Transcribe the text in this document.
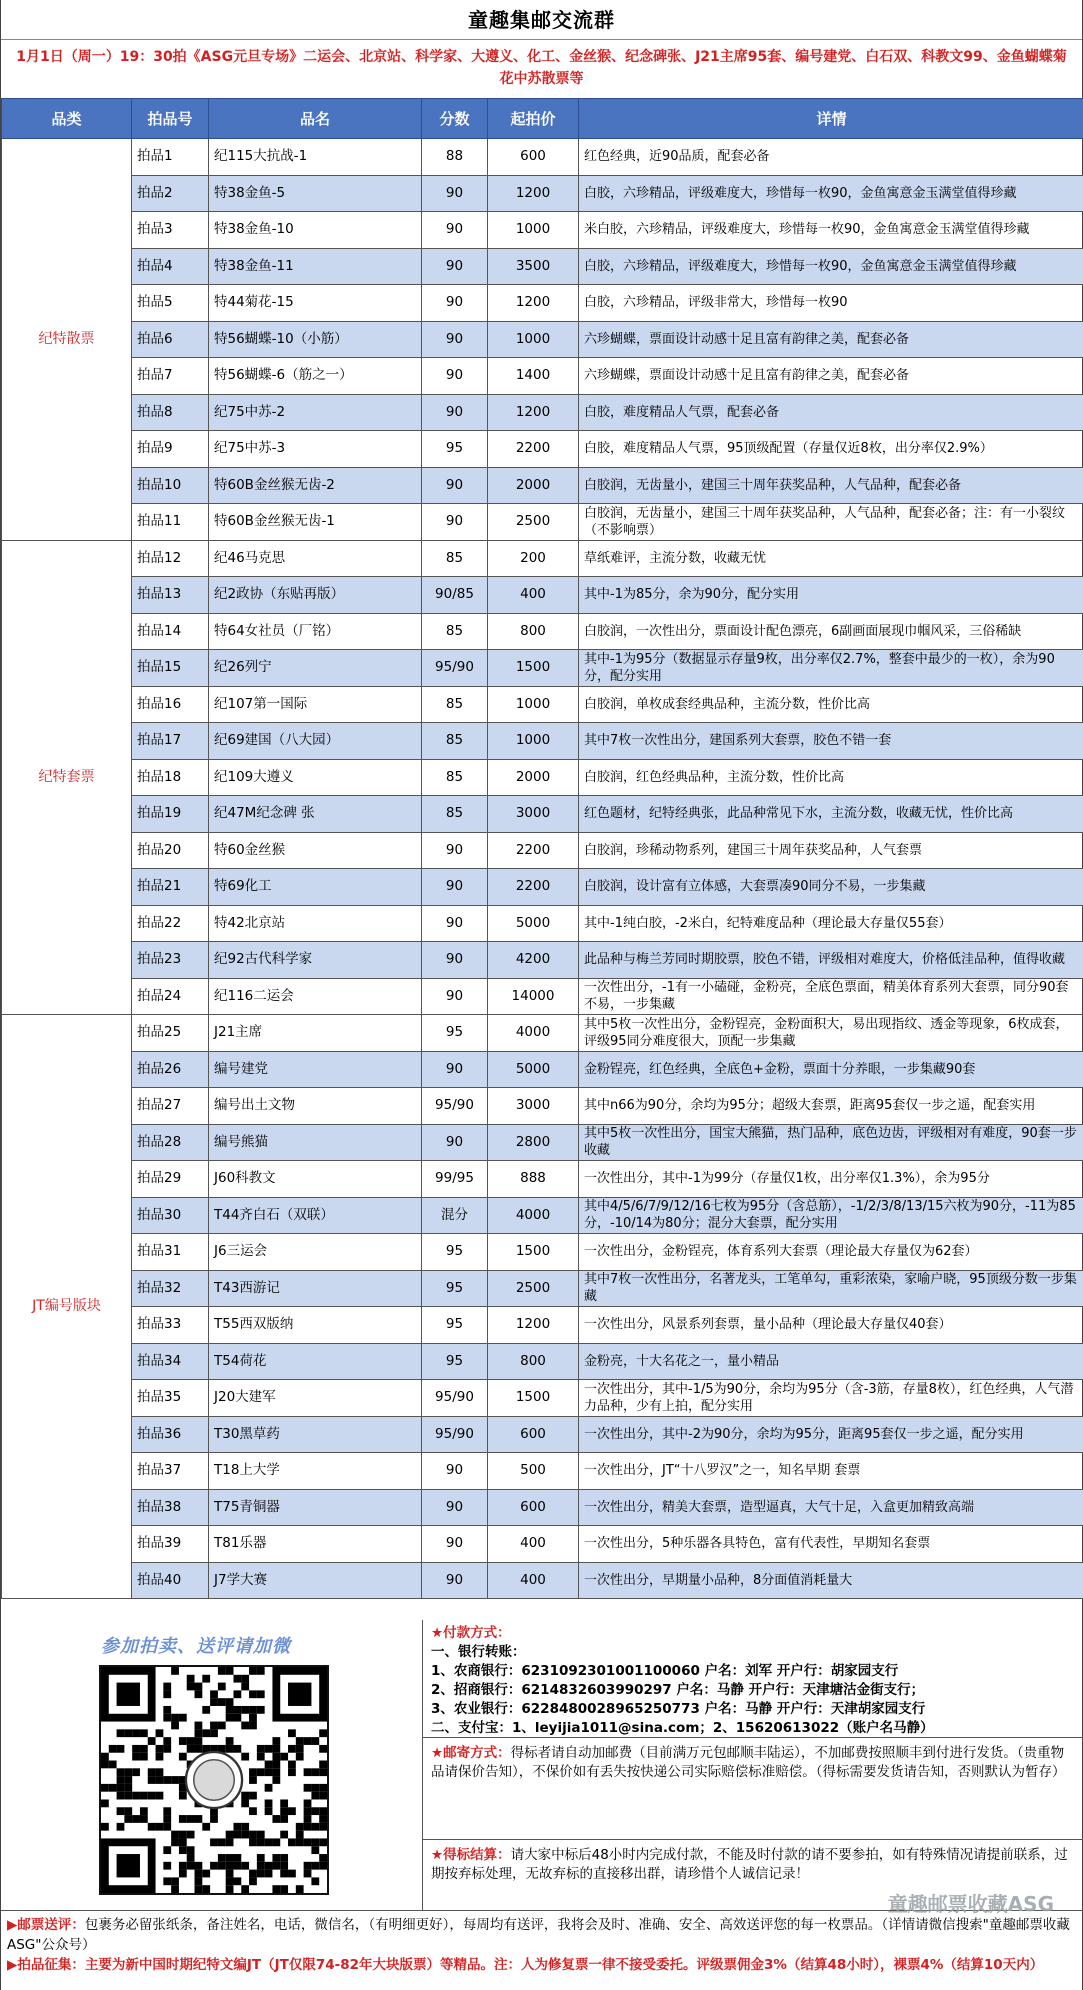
童趣集邮交流群
1月1日（周一）19：30拍《ASG元旦专场》二运会、北京站、科学家、大遵义、化工、金丝猴、纪念碑张、J21主席95套、编号建党、白石双、科教文99、金鱼蝴蝶菊花中苏散票等
品类	拍品号	品名	分数	起拍价	详情
纪特散票	拍品1	纪115大抗战-1	88	600	红色经典，近90品质，配套必备
	拍品2	特38金鱼-5	90	1200	白胶，六珍精品，评级难度大，珍惜每一枚90，金鱼寓意金玉满堂值得珍藏
	拍品3	特38金鱼-10	90	1000	米白胶，六珍精品，评级难度大，珍惜每一枚90，金鱼寓意金玉满堂值得珍藏
	拍品4	特38金鱼-11	90	3500	白胶，六珍精品，评级难度大，珍惜每一枚90，金鱼寓意金玉满堂值得珍藏
	拍品5	特44菊花-15	90	1200	白胶，六珍精品，评级非常大，珍惜每一枚90
	拍品6	特56蝴蝶-10（小筋）	90	1000	六珍蝴蝶，票面设计动感十足且富有韵律之美，配套必备
	拍品7	特56蝴蝶-6（筋之一）	90	1400	六珍蝴蝶，票面设计动感十足且富有韵律之美，配套必备
	拍品8	纪75中苏-2	90	1200	白胶，难度精品人气票，配套必备
	拍品9	纪75中苏-3	95	2200	白胶，难度精品人气票，95顶级配置（存量仅近8枚，出分率仅2.9%）
	拍品10	特60B金丝猴无齿-2	90	2000	白胶润，无齿量小，建国三十周年获奖品种，人气品种，配套必备
	拍品11	特60B金丝猴无齿-1	90	2500	白胶润，无齿量小，建国三十周年获奖品种，人气品种，配套必备；注：有一小裂纹（不影响票）
纪特套票	拍品12	纪46马克思	85	200	草纸难评，主流分数，收藏无忧
	拍品13	纪2政协（东贴再版）	90/85	400	其中-1为85分，余为90分，配分实用
	拍品14	特64女社员（厂铭）	85	800	白胶润，一次性出分，票面设计配色漂亮，6副画面展现巾帼风采，三俗稀缺
	拍品15	纪26列宁	95/90	1500	其中-1为95分（数据显示存量9枚，出分率仅2.7%，整套中最少的一枚），余为90分，配分实用
	拍品16	纪107第一国际	85	1000	白胶润，单枚成套经典品种，主流分数，性价比高
	拍品17	纪69建国（八大园）	85	1000	其中7枚一次性出分，建国系列大套票，胶色不错一套
	拍品18	纪109大遵义	85	2000	白胶润，红色经典品种，主流分数，性价比高
	拍品19	纪47M纪念碑 张	85	3000	红色题材，纪特经典张，此品种常见下水，主流分数，收藏无忧，性价比高
	拍品20	特60金丝猴	90	2200	白胶润，珍稀动物系列，建国三十周年获奖品种，人气套票
	拍品21	特69化工	90	2200	白胶润，设计富有立体感，大套票凑90同分不易，一步集藏
	拍品22	特42北京站	90	5000	其中-1纯白胶，-2米白，纪特难度品种（理论最大存量仅55套）
	拍品23	纪92古代科学家	90	4200	此品种与梅兰芳同时期胶票，胶色不错，评级相对难度大，价格低洼品种，值得收藏
	拍品24	纪116二运会	90	14000	一次性出分，-1有一小磕碰，金粉亮，全底色票面，精美体育系列大套票，同分90套不易，一步集藏
JT编号版块	拍品25	J21主席	95	4000	其中5枚一次性出分，金粉锃亮，金粉面积大，易出现指纹、透金等现象，6枚成套，评级95同分难度很大，顶配一步集藏
	拍品26	编号建党	90	5000	金粉锃亮，红色经典，全底色+金粉，票面十分养眼，一步集藏90套
	拍品27	编号出土文物	95/90	3000	其中n66为90分，余均为95分；超级大套票，距离95套仅一步之遥，配套实用
	拍品28	编号熊猫	90	2800	其中5枚一次性出分，国宝大熊猫，热门品种，底色边齿，评级相对有难度，90套一步收藏
	拍品29	J60科教文	99/95	888	一次性出分，其中-1为99分（存量仅1枚，出分率仅1.3%），余为95分
	拍品30	T44齐白石（双联）	混分	4000	其中4/5/6/7/9/12/16七枚为95分（含总筋），-1/2/3/8/13/15六枚为90分，-11为85分，-10/14为80分；混分大套票，配分实用
	拍品31	J6三运会	95	1500	一次性出分，金粉锃亮，体育系列大套票（理论最大存量仅为62套）
	拍品32	T43西游记	95	2500	其中7枚一次性出分，名著龙头，工笔单勾，重彩浓染，家喻户晓，95顶级分数一步集藏
	拍品33	T55西双版纳	95	1200	一次性出分，风景系列套票，量小品种（理论最大存量仅40套）
	拍品34	T54荷花	95	800	金粉亮，十大名花之一，量小精品
	拍品35	J20大建军	95/90	1500	一次性出分，其中-1/5为90分，余均为95分（含-3筋，存量8枚），红色经典，人气潜力品种，少有上拍，配分实用
	拍品36	T30黑草药	95/90	600	一次性出分，其中-2为90分，余均为95分，距离95套仅一步之遥，配分实用
	拍品37	T18上大学	90	500	一次性出分，JT“十八罗汉”之一，知名早期 套票
	拍品38	T75青铜器	90	600	一次性出分，精美大套票，造型逼真，大气十足，入盒更加精致高端
	拍品39	T81乐器	90	400	一次性出分，5种乐器各具特色，富有代表性，早期知名套票
	拍品40	J7学大赛	90	400	一次性出分，早期量小品种，8分面值消耗量大
参加拍卖、送评请加微
★付款方式：
一、银行转账：
1、农商银行：6231092301001100060 户名：刘军 开户行：胡家园支行
2、招商银行：6214832603990297 户名：马静 开户行：天津塘沽金街支行；
3、农业银行：6228480028965250773 户名：马静 开户行：天津胡家园支行
二、支付宝：1、leyijia1011@sina.com；2、15620613022（账户名马静）
★邮寄方式：得标者请自动加邮费（目前满万元包邮顺丰陆运），不加邮费按照顺丰到付进行发货。（贵重物品请保价告知），不保价如有丢失按快递公司实际赔偿标准赔偿。（得标需要发货请告知，否则默认为暂存）
★得标结算：请大家中标后48小时内完成付款，不能及时付款的请不要参拍，如有特殊情况请提前联系，过期按弃标处理，无故弃标的直接移出群，请珍惜个人诚信记录！
▶邮票送评：包裹务必留张纸条，备注姓名，电话，微信名，（有明细更好），每周均有送评，我将会及时、准确、安全、高效送评您的每一枚票品。（详情请微信搜索"童趣邮票收藏ASG"公众号）
▶拍品征集：主要为新中国时期纪特文编JT（JT仅限74-82年大块版票）等精品。注：人为修复票一律不接受委托。评级票佣金3%（结算48小时），裸票4%（结算10天内）
童趣邮票收藏ASG
